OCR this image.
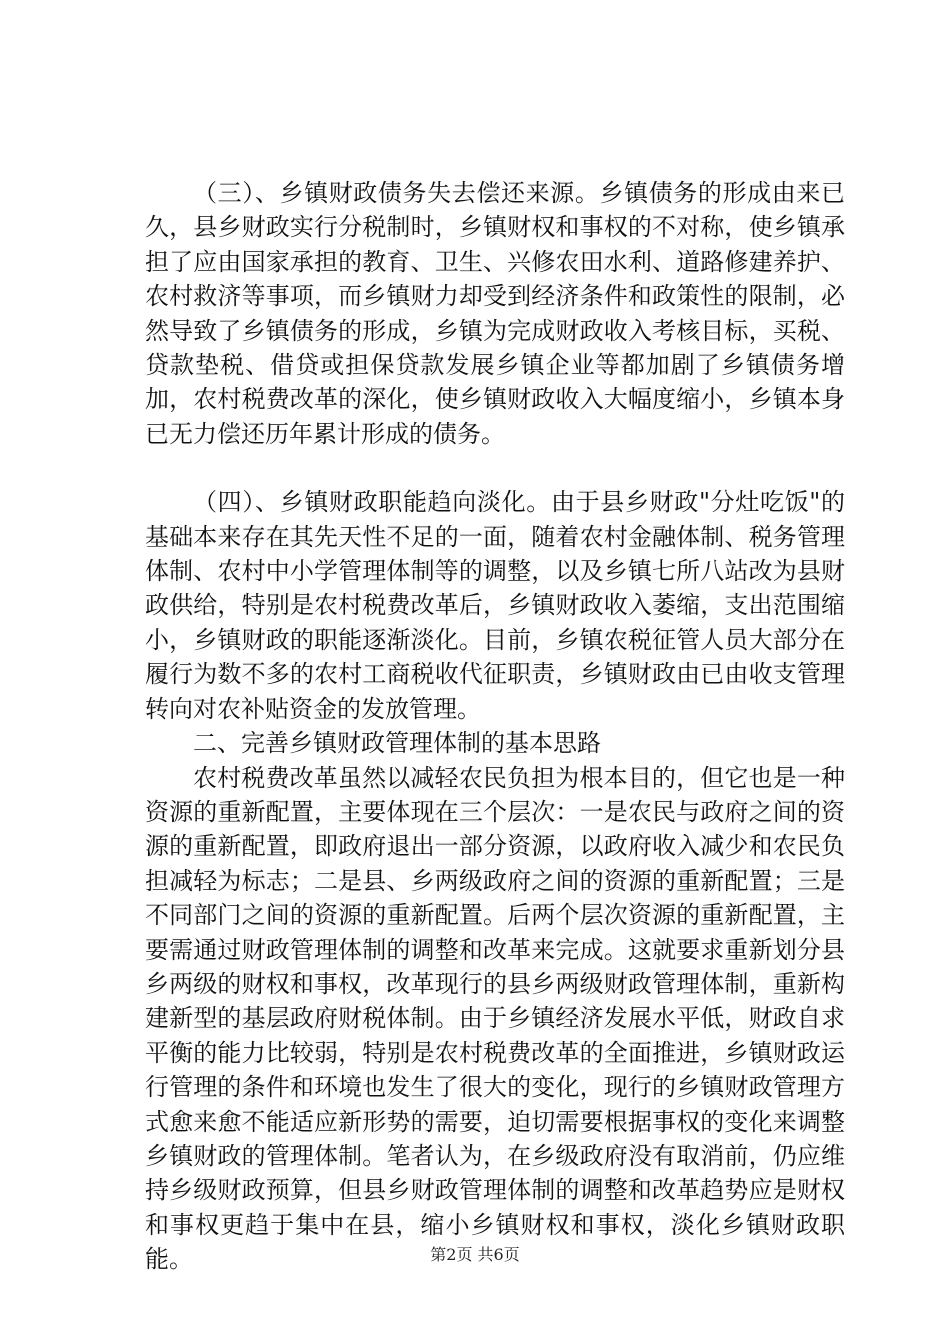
（三）、乡镇财政债务失去偿还来源。乡镇债务的形成由来已久，县乡财政实行分税制时，乡镇财权和事权的不对称，使乡镇承担了应由国家承担的教育、卫生、兴修农田水利、道路修建养护、农村救济等事项，而乡镇财力却受到经济条件和政策性的限制，必然导致了乡镇债务的形成，乡镇为完成财政收入考核目标，买税、贷款垫税、借贷或担保贷款发展乡镇企业等都加剧了乡镇债务增加，农村税费改革的深化，使乡镇财政收入大幅度缩小，乡镇本身已无力偿还历年累计形成的债务。

（四）、乡镇财政职能趋向淡化。由于县乡财政"分灶吃饭"的基础本来存在其先天性不足的一面，随着农村金融体制、税务管理体制、农村中小学管理体制等的调整，以及乡镇七所八站改为县财政供给，特别是农村税费改革后，乡镇财政收入萎缩，支出范围缩小，乡镇财政的职能逐渐淡化。目前，乡镇农税征管人员大部分在履行为数不多的农村工商税收代征职责，乡镇财政由已由收支管理转向对农补贴资金的发放管理。

二、完善乡镇财政管理体制的基本思路

农村税费改革虽然以减轻农民负担为根本目的，但它也是一种资源的重新配置，主要体现在三个层次：一是农民与政府之间的资源的重新配置，即政府退出一部分资源，以政府收入减少和农民负担减轻为标志；二是县、乡两级政府之间的资源的重新配置；三是不同部门之间的资源的重新配置。后两个层次资源的重新配置，主要需通过财政管理体制的调整和改革来完成。这就要求重新划分县乡两级的财权和事权，改革现行的县乡两级财政管理体制，重新构建新型的基层政府财税体制。由于乡镇经济发展水平低，财政自求平衡的能力比较弱，特别是农村税费改革的全面推进，乡镇财政运行管理的条件和环境也发生了很大的变化，现行的乡镇财政管理方式愈来愈不能适应新形势的需要，迫切需要根据事权的变化来调整乡镇财政的管理体制。笔者认为，在乡级政府没有取消前，仍应维持乡级财政预算，但县乡财政管理体制的调整和改革趋势应是财权和事权更趋于集中在县，缩小乡镇财权和事权，淡化乡镇财政职能。	第2页 共6页
